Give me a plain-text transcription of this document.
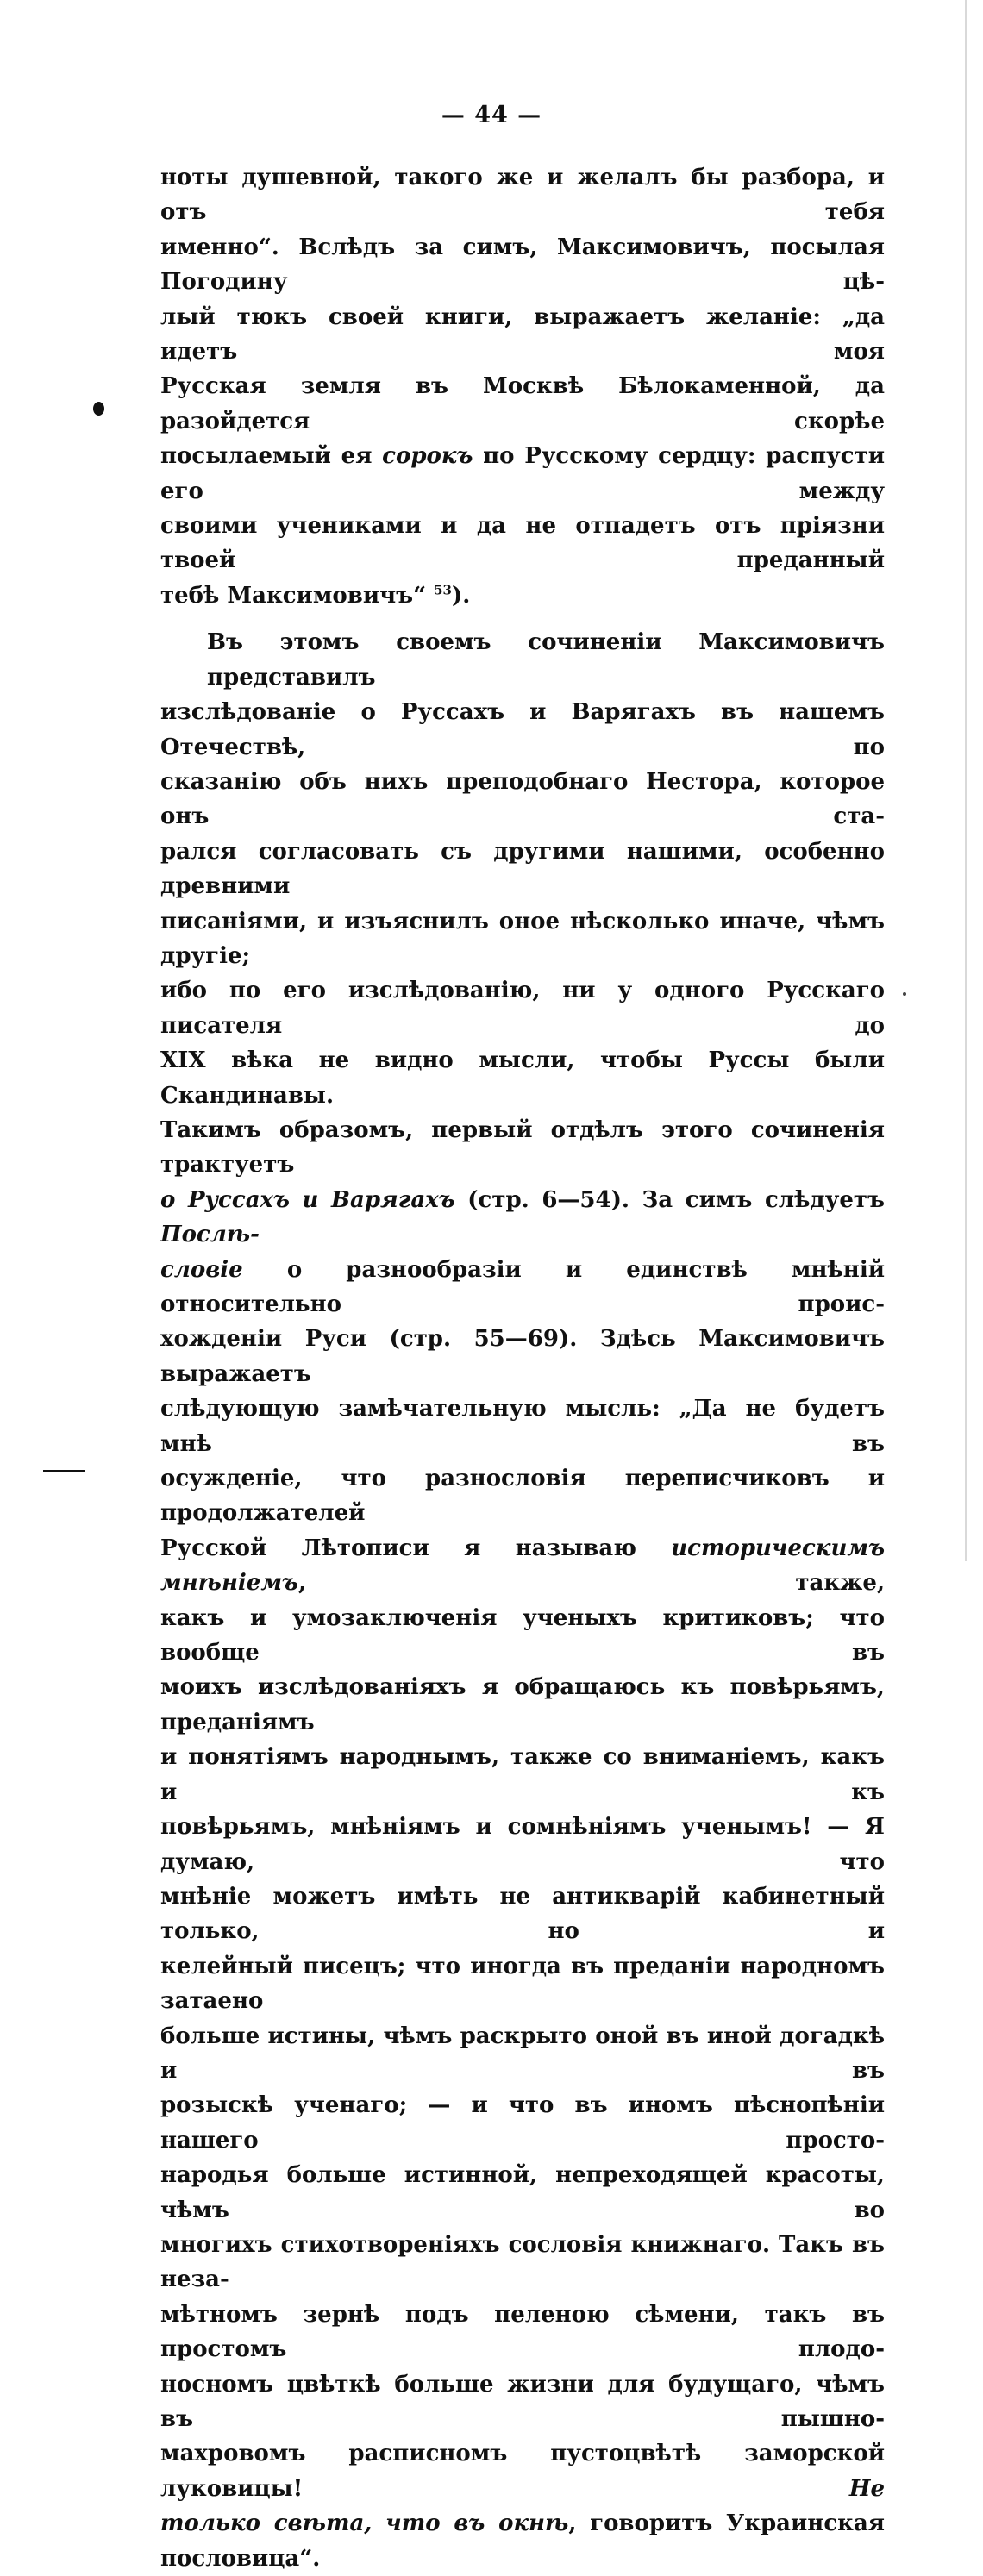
— 44 —

ноты душевной, такого же и желалъ бы разбора, и отъ тебя

именно“. Вслѣдъ за симъ, Максимовичъ, посылая Погодину цѣ-

лый тюкъ своей книги, выражаетъ желаніе: „да идетъ моя

Русская земля въ Москвѣ Бѣлокаменной, да разойдется скорѣе

посылаемый ея сорокъ по Русскому сердцу: распусти его между

своими учениками и да не отпадетъ отъ пріязни твоей преданный

тебѣ Максимовичъ“ $^{53}$).

Въ этомъ своемъ сочиненіи Максимовичъ представилъ

изслѣдованіе о Руссахъ и Варягахъ въ нашемъ Отечествѣ, по

сказанію объ нихъ преподобнаго Нестора, которое онъ ста-

рался согласовать съ другими нашими, особенно древними

писаніями, и изъяснилъ оное нѣсколько иначе, чѣмъ другіе;

ибо по его изслѣдованію, ни у одного Русскаго писателя до

XIX вѣка не видно мысли, чтобы Руссы были Скандинавы.

Такимъ образомъ, первый отдѣлъ этого сочиненія трактуетъ

о Руссахъ и Варягахъ (стр. 6—54). За симъ слѣдуетъ Послѣ-

словіе о разнообразіи и единствѣ мнѣній относительно проис-

хожденіи Руси (стр. 55—69). Здѣсь Максимовичъ выражаетъ

слѣдующую замѣчательную мысль: „Да не будетъ мнѣ въ

осужденіе, что разнословія переписчиковъ и продолжателей

Русской Лѣтописи я называю историческимъ мнѣніемъ, также,

какъ и умозаключенія ученыхъ критиковъ; что вообще въ

моихъ изслѣдованіяхъ я обращаюсь къ повѣрьямъ, преданіямъ

и понятіямъ народнымъ, также со вниманіемъ, какъ и къ

повѣрьямъ, мнѣніямъ и сомнѣніямъ ученымъ! — Я думаю, что

мнѣніе можетъ имѣть не антикварій кабинетный только, но и

келейный писецъ; что иногда въ преданіи народномъ затаено

больше истины, чѣмъ раскрыто оной въ иной догадкѣ и въ

розыскѣ ученаго; — и что въ иномъ пѣснопѣніи нашего просто-

народья больше истинной, непреходящей красоты, чѣмъ во

многихъ стихотвореніяхъ сословія книжнаго. Такъ въ неза-

мѣтномъ зернѣ подъ пеленою сѣмени, такъ въ простомъ плодо-

носномъ цвѣткѣ больше жизни для будущаго, чѣмъ въ пышно-

махровомъ расписномъ пустоцвѣтѣ заморской луковицы! Не

только свѣта, что въ окнѣ, говоритъ Украинская пословица“.
